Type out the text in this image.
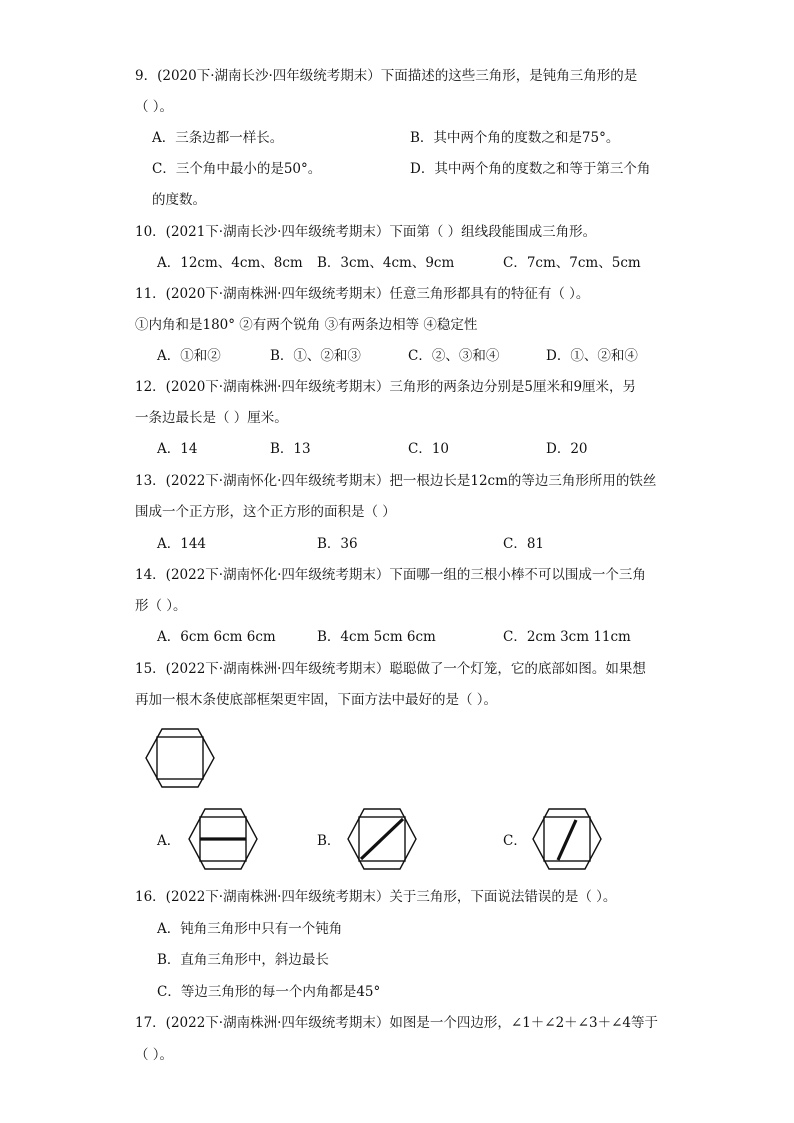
9．(2020下·湖南长沙·四年级统考期末）下面描述的这些三角形，是钝角三角形的是
（ ）。
A．三条边都一样长。	B．其中两个角的度数之和是75°。
C．三个角中最小的是50°。	D．其中两个角的度数之和等于第三个角
的度数。
10．(2021下·湖南长沙·四年级统考期末）下面第（ ）组线段能围成三角形。
A．12cm、4cm、8cm B．3cm、4cm、9cm	C．7cm、7cm、5cm
11．(2020下·湖南株洲·四年级统考期末）任意三角形都具有的特征有（ ）。
①内角和是180° ②有两个锐角 ③有两条边相等 ④稳定性
A．①和②	B．①、②和③	C．②、③和④	D．①、②和④
12．(2020下·湖南株洲·四年级统考期末）三角形的两条边分别是5厘米和9厘米，另
一条边最长是（ ）厘米。
A．14	B．13	C．10	D．20
13．(2022下·湖南怀化·四年级统考期末）把一根边长是12cm的等边三角形所用的铁丝
围成一个正方形，这个正方形的面积是（ ）
A．144	B．36	C．81
14．(2022下·湖南怀化·四年级统考期末）下面哪一组的三根小棒不可以围成一个三角
形（ ）。
A．6cm 6cm 6cm	B．4cm 5cm 6cm	C．2cm 3cm 11cm
15．(2022下·湖南株洲·四年级统考期末）聪聪做了一个灯笼，它的底部如图。如果想
再加一根木条使底部框架更牢固，下面方法中最好的是（ ）。
A．	B．	C．
16．(2022下·湖南株洲·四年级统考期末）关于三角形，下面说法错误的是（ ）。
A．钝角三角形中只有一个钝角
B．直角三角形中，斜边最长
C．等边三角形的每一个内角都是45°
17．(2022下·湖南株洲·四年级统考期末）如图是一个四边形，∠1＋∠2＋∠3＋∠4等于
（ ）。
